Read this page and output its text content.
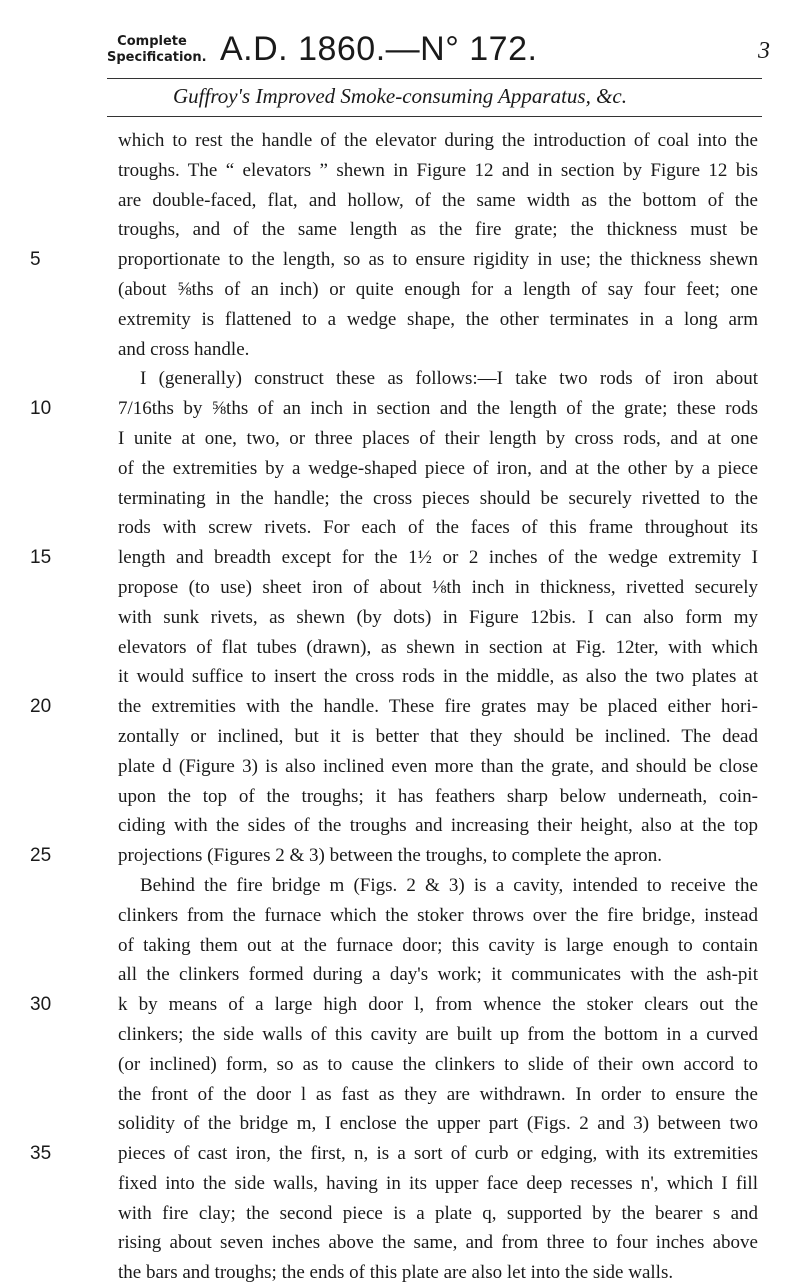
Complete Specification. A.D. 1860.—N° 172.	3
Guffroy's Improved Smoke-consuming Apparatus, &c.
which to rest the handle of the elevator during the introduction of coal into the
troughs. The “ elevators ” shewn in Figure 12 and in section by Figure 12 bis
are double-faced, flat, and hollow, of the same width as the bottom of the
troughs, and of the same length as the fire grate; the thickness must be
5	proportionate to the length, so as to ensure rigidity in use; the thickness shewn
(about ⅝ths of an inch) or quite enough for a length of say four feet; one
extremity is flattened to a wedge shape, the other terminates in a long arm
and cross handle.
I (generally) construct these as follows:—I take two rods of iron about
10	7/16ths by ⅝ths of an inch in section and the length of the grate; these rods
I unite at one, two, or three places of their length by cross rods, and at one
of the extremities by a wedge-shaped piece of iron, and at the other by a piece
terminating in the handle; the cross pieces should be securely rivetted to the
rods with screw rivets. For each of the faces of this frame throughout its
15	length and breadth except for the 1½ or 2 inches of the wedge extremity I
propose (to use) sheet iron of about ⅛th inch in thickness, rivetted securely
with sunk rivets, as shewn (by dots) in Figure 12bis. I can also form my
elevators of flat tubes (drawn), as shewn in section at Fig. 12ter, with which
it would suffice to insert the cross rods in the middle, as also the two plates at
20	the extremities with the handle. These fire grates may be placed either hori-
zontally or inclined, but it is better that they should be inclined. The dead
plate d (Figure 3) is also inclined even more than the grate, and should be close
upon the top of the troughs; it has feathers sharp below underneath, coin-
ciding with the sides of the troughs and increasing their height, also at the top
25	projections (Figures 2 & 3) between the troughs, to complete the apron.
Behind the fire bridge m (Figs. 2 & 3) is a cavity, intended to receive the
clinkers from the furnace which the stoker throws over the fire bridge, instead
of taking them out at the furnace door; this cavity is large enough to contain
all the clinkers formed during a day's work; it communicates with the ash-pit
30	k by means of a large high door l, from whence the stoker clears out the
clinkers; the side walls of this cavity are built up from the bottom in a curved
(or inclined) form, so as to cause the clinkers to slide of their own accord to
the front of the door l as fast as they are withdrawn. In order to ensure the
solidity of the bridge m, I enclose the upper part (Figs. 2 and 3) between two
35	pieces of cast iron, the first, n, is a sort of curb or edging, with its extremities
fixed into the side walls, having in its upper face deep recesses n', which I fill
with fire clay; the second piece is a plate q, supported by the bearer s and
rising about seven inches above the same, and from three to four inches above
the bars and troughs; the ends of this plate are also let into the side walls.
